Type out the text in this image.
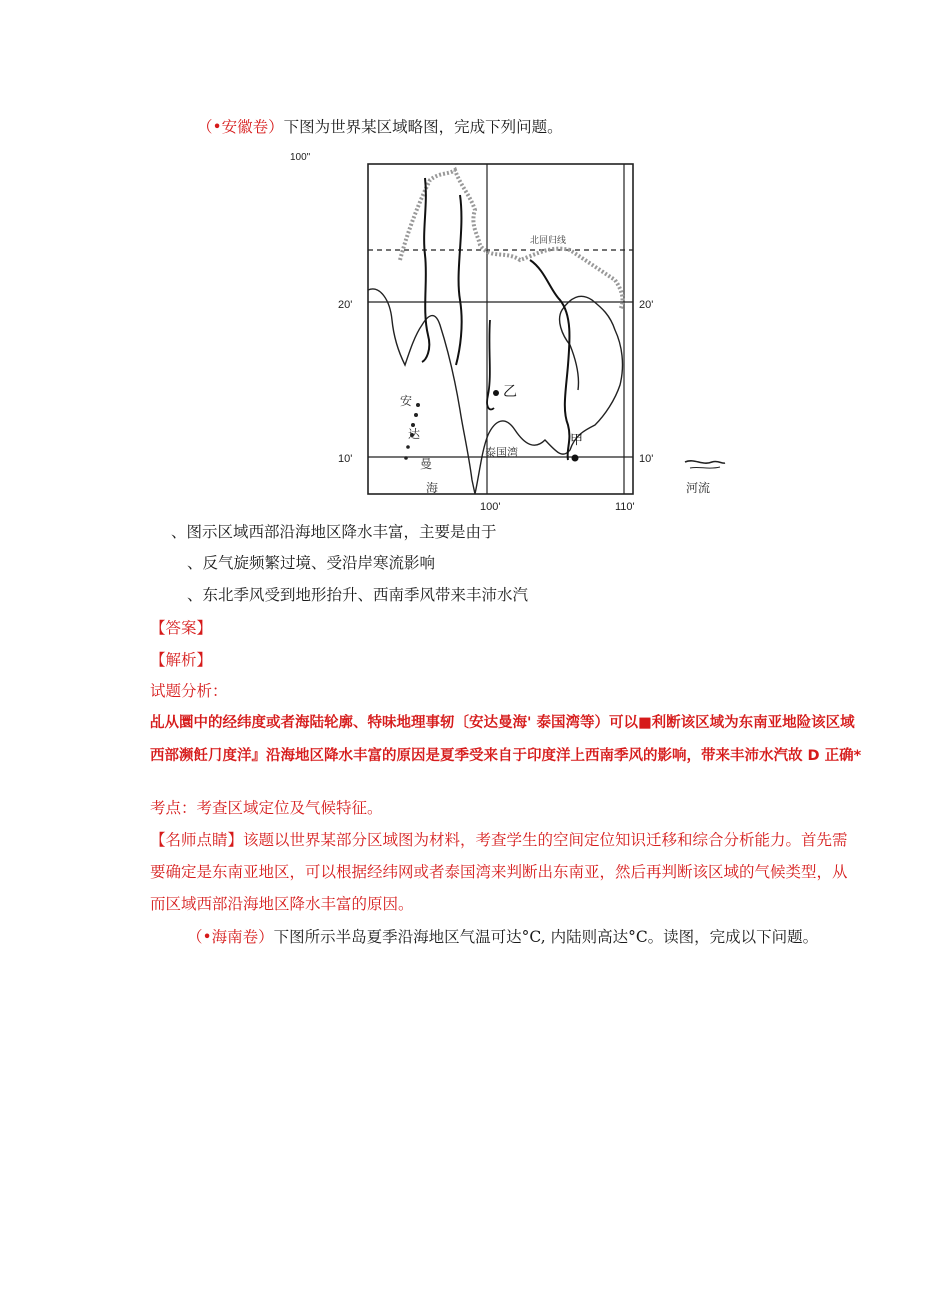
（•安徽卷）下图为世界某区域略图，完成下列问题。
乙
甲
100"
20'	20'
10'	10'
100'	110'
北回归线
安
达
曼
海
泰国湾
河流
、图示区域西部沿海地区降水丰富，主要是由于
、反气旋频繁过境、受沿岸寒流影响
、东北季风受到地形抬升、西南季风带来丰沛水汽
【答案】
【解析】
试题分析：
乩从圜中的经纬度或者海陆轮廓、特味地理事轫〔安达曼海' 泰国湾等）可以■利断该区域为东南亚地险该区域
西部濒飪⺆度洋』沿海地区降水丰富的原因是夏季受来自于印度洋上西南季风的影响，带来丰沛水汽故 D 正确*
考点：考查区域定位及气候特征。
【名师点睛】该题以世界某部分区域图为材料，考查学生的空间定位知识迁移和综合分析能力。首先需
要确定是东南亚地区，可以根据经纬网或者泰国湾来判断出东南亚，然后再判断该区域的气候类型，从
而区域西部沿海地区降水丰富的原因。
（•海南卷）下图所示半岛夏季沿海地区气温可达°C, 内陆则高达°C。读图，完成以下问题。
